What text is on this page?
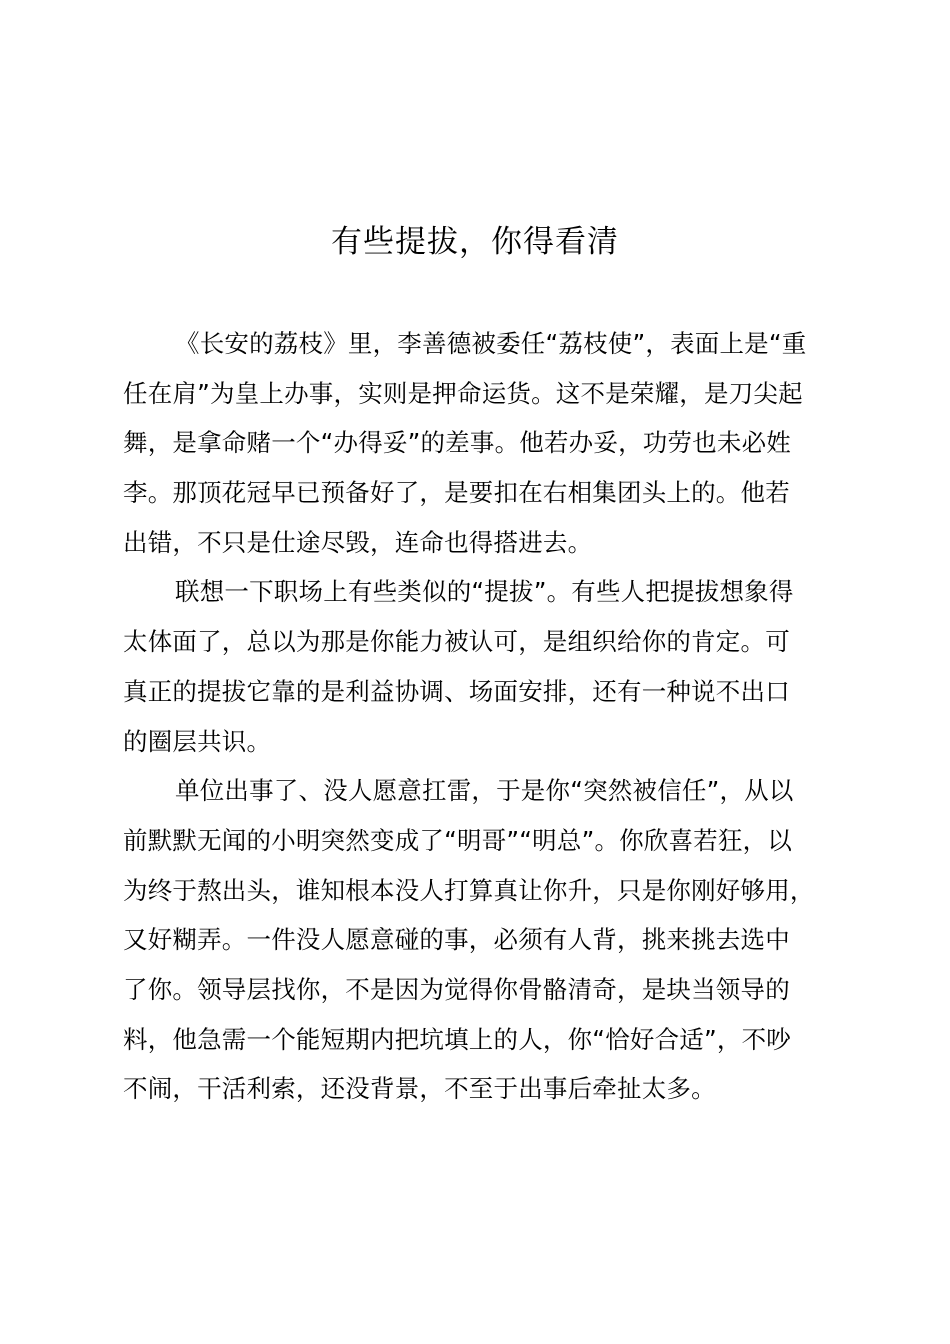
有些提拔，你得看清
《长安的荔枝》里，李善德被委任“荔枝使”，表面上是“重
任在肩”为皇上办事，实则是押命运货。这不是荣耀，是刀尖起
舞，是拿命赌一个“办得妥”的差事。他若办妥，功劳也未必姓
李。那顶花冠早已预备好了，是要扣在右相集团头上的。他若
出错，不只是仕途尽毁，连命也得搭进去。
联想一下职场上有些类似的“提拔”。有些人把提拔想象得
太体面了，总以为那是你能力被认可，是组织给你的肯定。可
真正的提拔它靠的是利益协调、场面安排，还有一种说不出口
的圈层共识。
单位出事了、没人愿意扛雷，于是你“突然被信任”，从以
前默默无闻的小明突然变成了“明哥”“明总”。你欣喜若狂，以
为终于熬出头，谁知根本没人打算真让你升，只是你刚好够用，
又好糊弄。一件没人愿意碰的事，必须有人背，挑来挑去选中
了你。领导层找你，不是因为觉得你骨骼清奇，是块当领导的
料，他急需一个能短期内把坑填上的人，你“恰好合适”，不吵
不闹，干活利索，还没背景，不至于出事后牵扯太多。
